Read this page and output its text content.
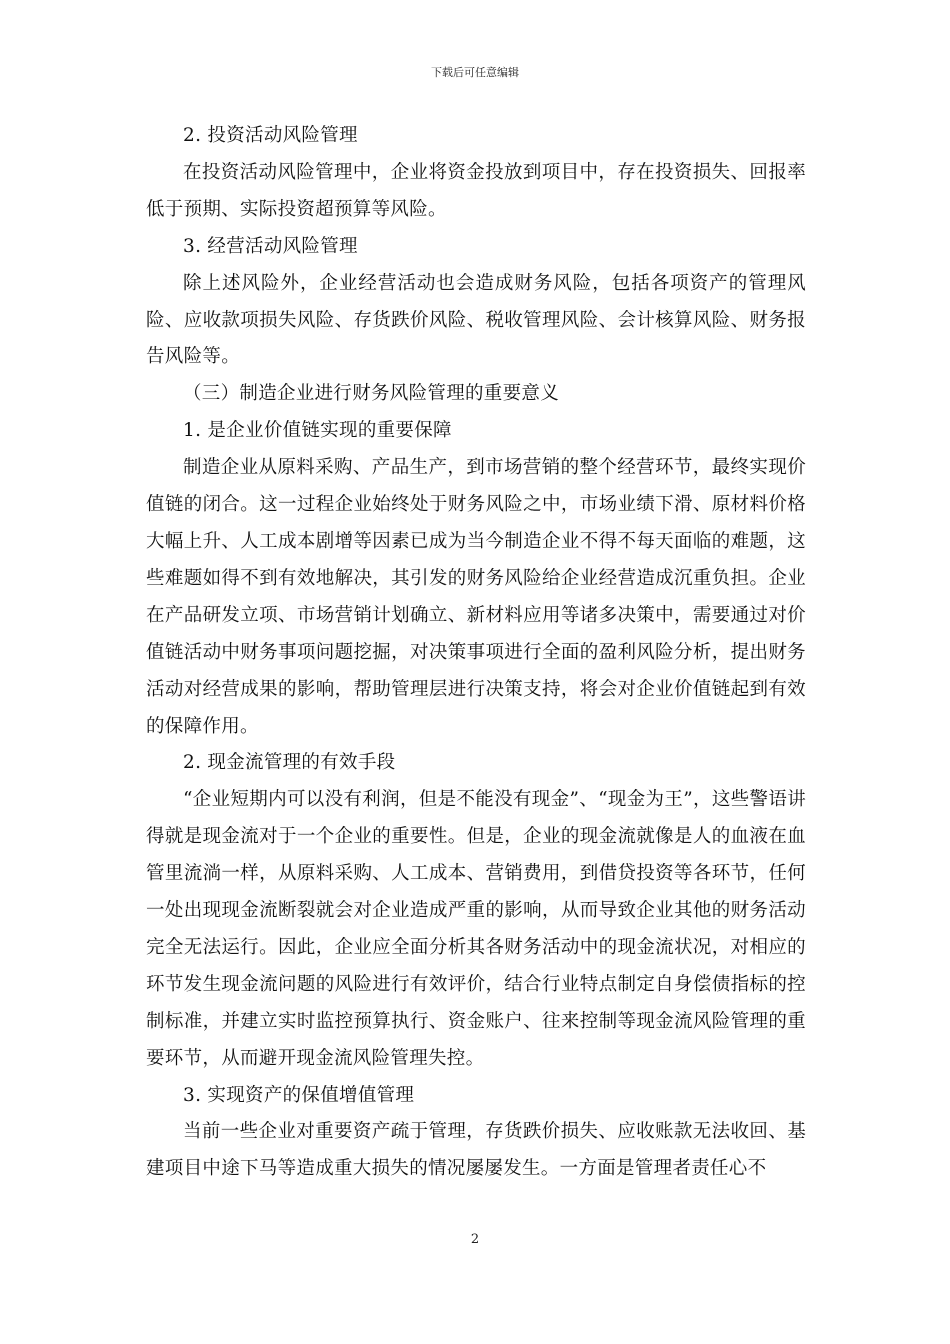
下载后可任意编辑

2. 投资活动风险管理

在投资活动风险管理中，企业将资金投放到项目中，存在投资损失、回报率低于预期、实际投资超预算等风险。

3. 经营活动风险管理

除上述风险外，企业经营活动也会造成财务风险，包括各项资产的管理风险、应收款项损失风险、存货跌价风险、税收管理风险、会计核算风险、财务报告风险等。

（三）制造企业进行财务风险管理的重要意义

1. 是企业价值链实现的重要保障

制造企业从原料采购、产品生产，到市场营销的整个经营环节，最终实现价值链的闭合。这一过程企业始终处于财务风险之中，市场业绩下滑、原材料价格大幅上升、人工成本剧增等因素已成为当今制造企业不得不每天面临的难题，这些难题如得不到有效地解决，其引发的财务风险给企业经营造成沉重负担。企业在产品研发立项、市场营销计划确立、新材料应用等诸多决策中，需要通过对价值链活动中财务事项问题挖掘，对决策事项进行全面的盈利风险分析，提出财务活动对经营成果的影响，帮助管理层进行决策支持，将会对企业价值链起到有效的保障作用。

2. 现金流管理的有效手段

“企业短期内可以没有利润，但是不能没有现金”、“现金为王”，这些警语讲得就是现金流对于一个企业的重要性。但是，企业的现金流就像是人的血液在血管里流淌一样，从原料采购、人工成本、营销费用，到借贷投资等各环节，任何一处出现现金流断裂就会对企业造成严重的影响，从而导致企业其他的财务活动完全无法运行。因此，企业应全面分析其各财务活动中的现金流状况，对相应的环节发生现金流问题的风险进行有效评价，结合行业特点制定自身偿债指标的控制标准，并建立实时监控预算执行、资金账户、往来控制等现金流风险管理的重要环节，从而避开现金流风险管理失控。

3. 实现资产的保值增值管理

当前一些企业对重要资产疏于管理，存货跌价损失、应收账款无法收回、基建项目中途下马等造成重大损失的情况屡屡发生。一方面是管理者责任心不

2
